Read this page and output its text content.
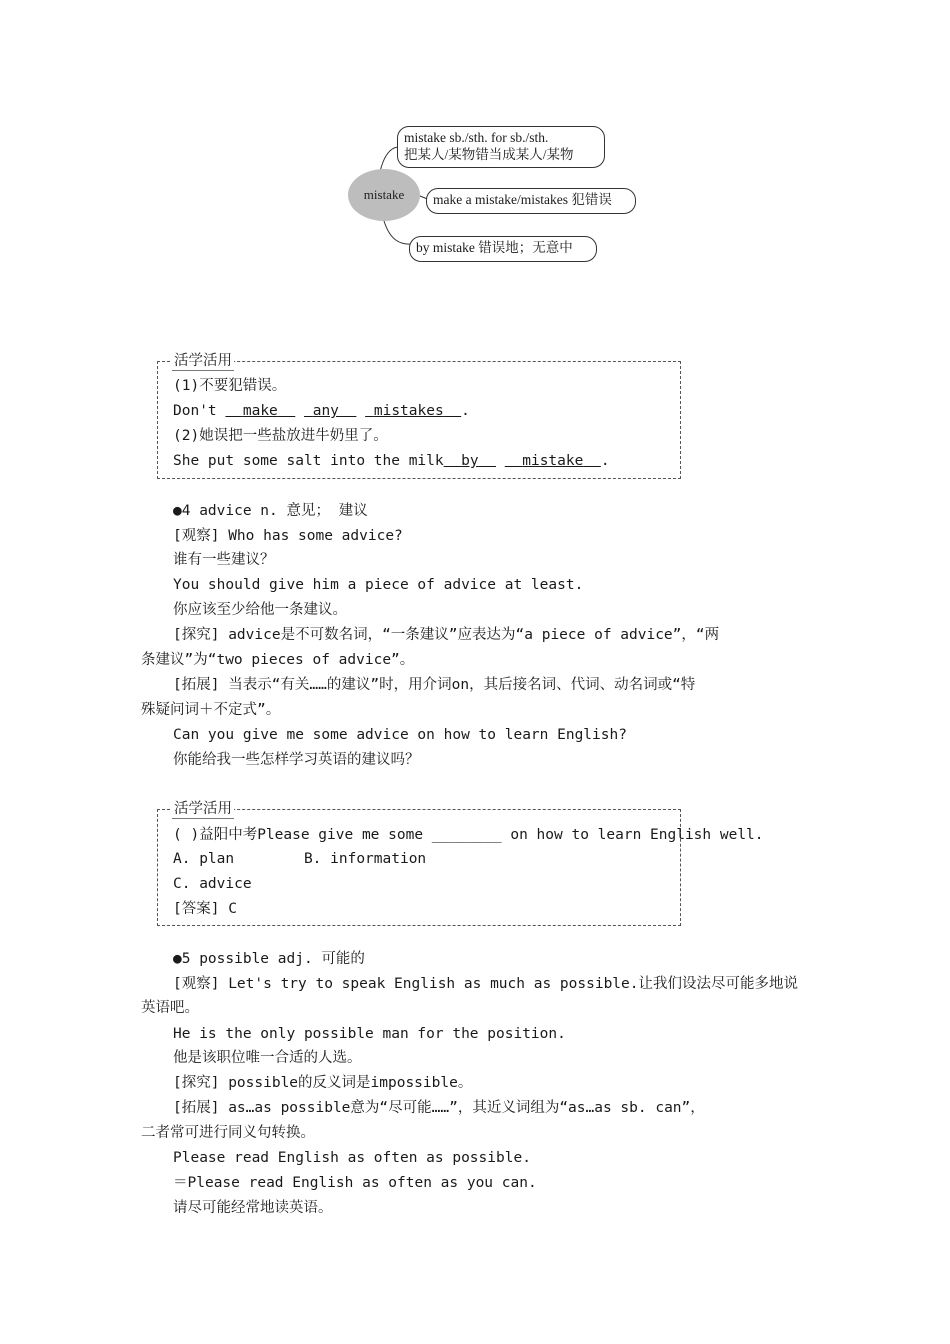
mistake
mistake sb./sth. for sb./sth.
把某人/某物错当成某人/某物
make a mistake/mistakes 犯错误
by mistake 错误地；无意中
活学活用
(1)不要犯错误。
Don't   make any mistakes .
(2)她误把一些盐放进牛奶里了。
She put some salt into the milk by	mistake .
●4 advice n. 意见； 建议
[观察] Who has some advice?
谁有一些建议？
You should give him a piece of advice at least.
你应该至少给他一条建议。
[探究] advice是不可数名词，“一条建议”应表达为“a piece of advice”，“两
条建议”为“two pieces of advice”。
[拓展] 当表示“有关……的建议”时，用介词on，其后接名词、代词、动名词或“特
殊疑问词＋不定式”。
Can you give me some advice on how to learn English?
你能给我一些怎样学习英语的建议吗？
活学活用
( )益阳中考Please give me some ________ on how to learn English well.
A. plan        B. information
C. advice
[答案] C
●5 possible adj. 可能的
[观察] Let's try to speak English as much as possible.让我们设法尽可能多地说
英语吧。
He is the only possible man for the position.
他是该职位唯一合适的人选。
[探究] possible的反义词是impossible。
[拓展] as…as possible意为“尽可能……”，其近义词组为“as…as sb. can”，
二者常可进行同义句转换。
Please read English as often as possible.
＝Please read English as often as you can.
请尽可能经常地读英语。
